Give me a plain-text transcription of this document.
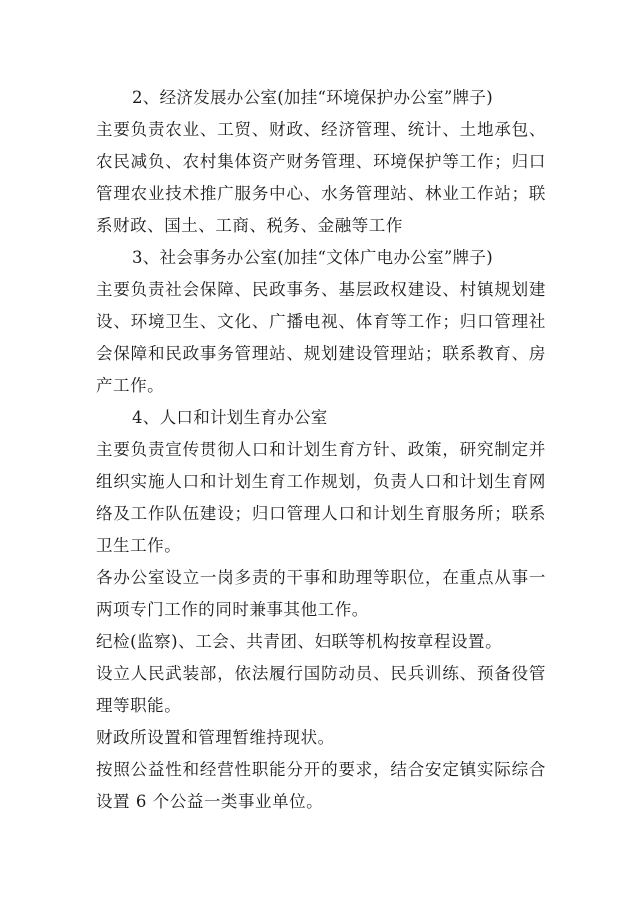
2、经济发展办公室(加挂“环境保护办公室”牌子)

主要负责农业、工贸、财政、经济管理、统计、土地承包、农民减负、农村集体资产财务管理、环境保护等工作；归口管理农业技术推广服务中心、水务管理站、林业工作站；联系财政、国土、工商、税务、金融等工作

3、社会事务办公室(加挂“文体广电办公室”牌子)

主要负责社会保障、民政事务、基层政权建设、村镇规划建设、环境卫生、文化、广播电视、体育等工作；归口管理社会保障和民政事务管理站、规划建设管理站；联系教育、房产工作。

4、人口和计划生育办公室

主要负责宣传贯彻人口和计划生育方针、政策，研究制定并组织实施人口和计划生育工作规划，负责人口和计划生育网络及工作队伍建设；归口管理人口和计划生育服务所；联系卫生工作。

各办公室设立一岗多责的干事和助理等职位，在重点从事一两项专门工作的同时兼事其他工作。

纪检(监察)、工会、共青团、妇联等机构按章程设置。

设立人民武装部，依法履行国防动员、民兵训练、预备役管理等职能。

财政所设置和管理暂维持现状。

按照公益性和经营性职能分开的要求，结合安定镇实际综合设置 6 个公益一类事业单位。
